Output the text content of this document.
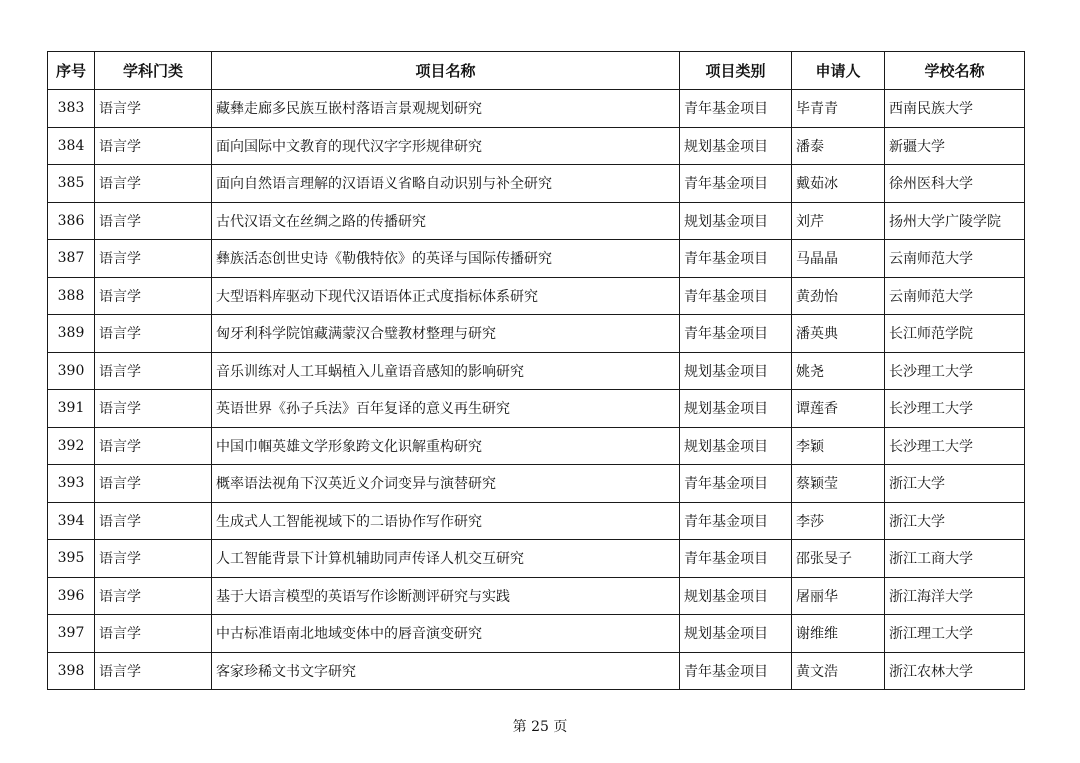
序号	学科门类	项目名称	项目类别	申请人	学校名称
383	语言学	藏彝走廊多民族互嵌村落语言景观规划研究	青年基金项目	毕青青	西南民族大学
384	语言学	面向国际中文教育的现代汉字字形规律研究	规划基金项目	潘泰	新疆大学
385	语言学	面向自然语言理解的汉语语义省略自动识别与补全研究	青年基金项目	戴茹冰	徐州医科大学
386	语言学	古代汉语文在丝绸之路的传播研究	规划基金项目	刘芹	扬州大学广陵学院
387	语言学	彝族活态创世史诗《勒俄特依》的英译与国际传播研究	青年基金项目	马晶晶	云南师范大学
388	语言学	大型语料库驱动下现代汉语语体正式度指标体系研究	青年基金项目	黄劲怡	云南师范大学
389	语言学	匈牙利科学院馆藏满蒙汉合璧教材整理与研究	青年基金项目	潘英典	长江师范学院
390	语言学	音乐训练对人工耳蜗植入儿童语音感知的影响研究	规划基金项目	姚尧	长沙理工大学
391	语言学	英语世界《孙子兵法》百年复译的意义再生研究	规划基金项目	谭莲香	长沙理工大学
392	语言学	中国巾帼英雄文学形象跨文化识解重构研究	规划基金项目	李颖	长沙理工大学
393	语言学	概率语法视角下汉英近义介词变异与演替研究	青年基金项目	蔡颖莹	浙江大学
394	语言学	生成式人工智能视域下的二语协作写作研究	青年基金项目	李莎	浙江大学
395	语言学	人工智能背景下计算机辅助同声传译人机交互研究	青年基金项目	邵张旻子	浙江工商大学
396	语言学	基于大语言模型的英语写作诊断测评研究与实践	规划基金项目	屠丽华	浙江海洋大学
397	语言学	中古标准语南北地域变体中的唇音演变研究	规划基金项目	谢维维	浙江理工大学
398	语言学	客家珍稀文书文字研究	青年基金项目	黄文浩	浙江农林大学
第 25 页
